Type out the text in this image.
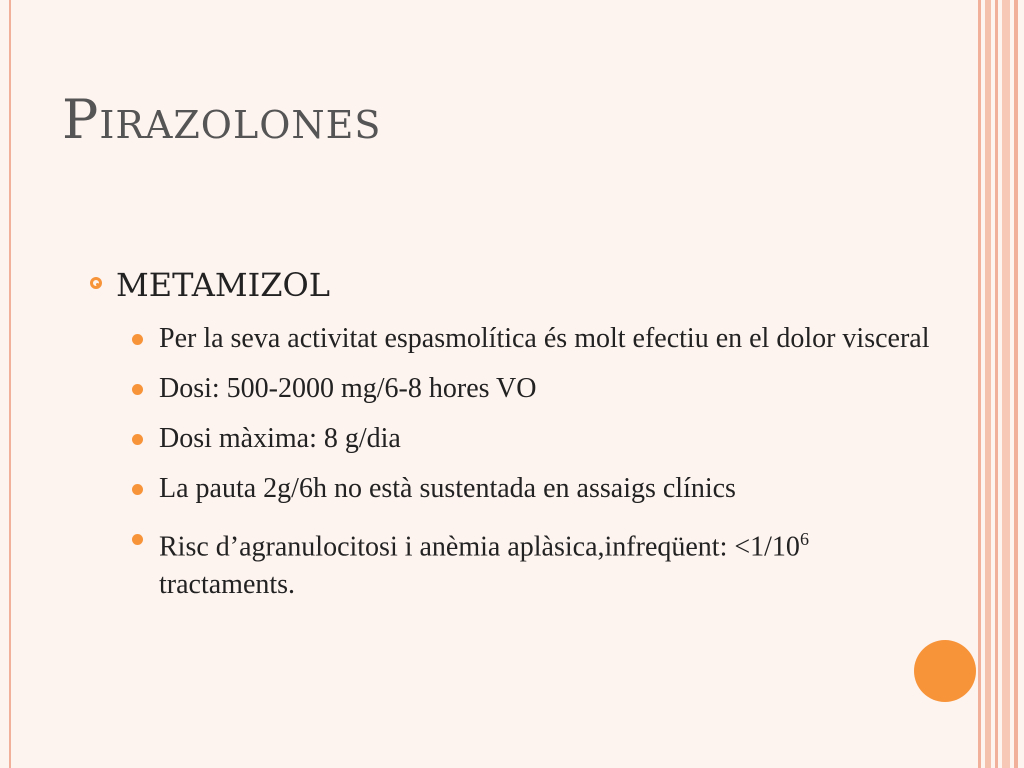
Pirazolones
METAMIZOL
Per la seva activitat espasmolítica és molt efectiu en el dolor visceral
Dosi: 500-2000 mg/6-8 hores VO
Dosi màxima: 8 g/dia
La pauta 2g/6h no està sustentada en assaigs clínics
Risc d’agranulocitosi i anèmia aplàsica,infreqüent: $<1/10^6$ tractaments.
